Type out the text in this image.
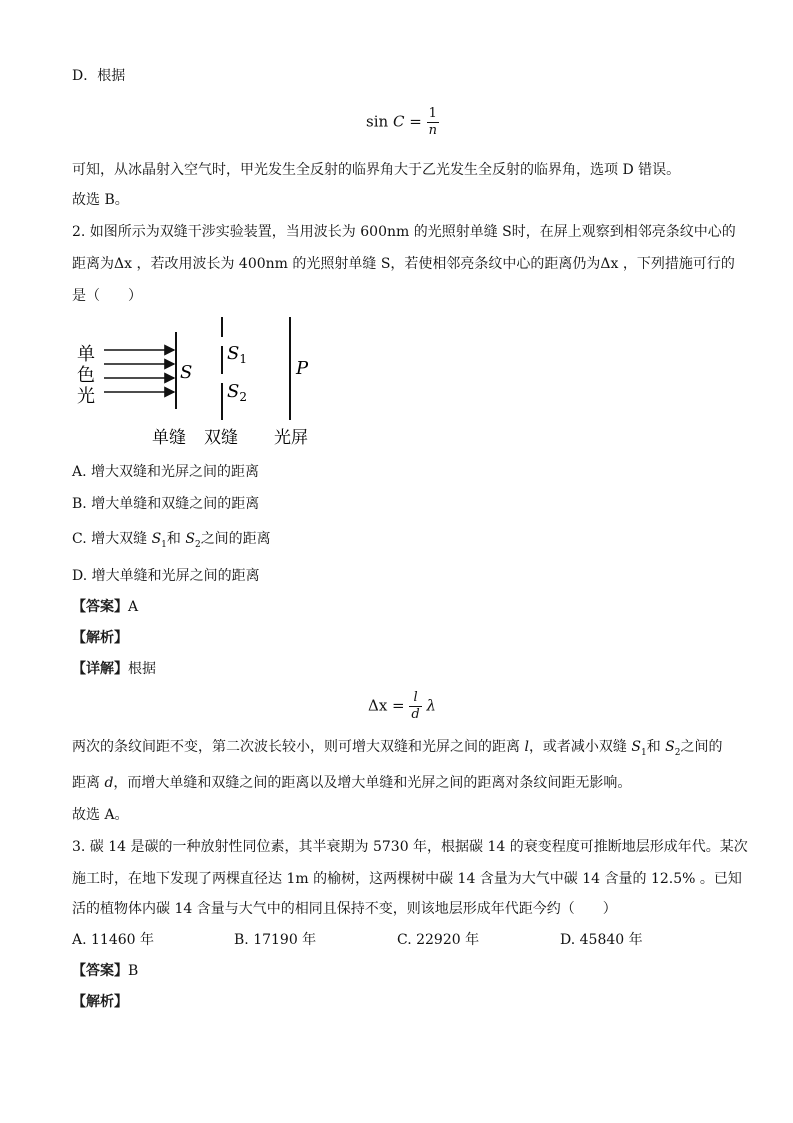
D．根据
$\sin C = \frac{1}{n}$
可知，从冰晶射入空气时，甲光发生全反射的临界角大于乙光发生全反射的临界角，选项 D 错误。
故选 B。
2. 如图所示为双缝干涉实验装置，当用波长为 600nm 的光照射单缝 S时，在屏上观察到相邻亮条纹中心的
距离为Δx ，若改用波长为 400nm 的光照射单缝 S，若使相邻亮条纹中心的距离仍为Δx ，下列措施可行的
是（　　）
单
色
光
S
$S_1$
$S_2$
P
单缝 双缝 光屏
A. 增大双缝和光屏之间的距离
B. 增大单缝和双缝之间的距离
C. 增大双缝 $S_1$和 $S_2$之间的距离
D. 增大单缝和光屏之间的距离
【答案】A
【解析】
【详解】根据
$\Delta x = \frac{l}{d}$ λ
两次的条纹间距不变，第二次波长较小，则可增大双缝和光屏之间的距离 l，或者减小双缝 $S_1$和 $S_2$之间的
距离 d，而增大单缝和双缝之间的距离以及增大单缝和光屏之间的距离对条纹间距无影响。
故选 A。
3. 碳 14 是碳的一种放射性同位素，其半衰期为 5730 年，根据碳 14 的衰变程度可推断地层形成年代。某次
施工时，在地下发现了两棵直径达 1m 的榆树，这两棵树中碳 14 含量为大气中碳 14 含量的 12.5% 。已知
活的植物体内碳 14 含量与大气中的相同且保持不变，则该地层形成年代距今约（　　）
A. 11460 年	B. 17190 年	C. 22920 年	D. 45840 年
【答案】B
【解析】
